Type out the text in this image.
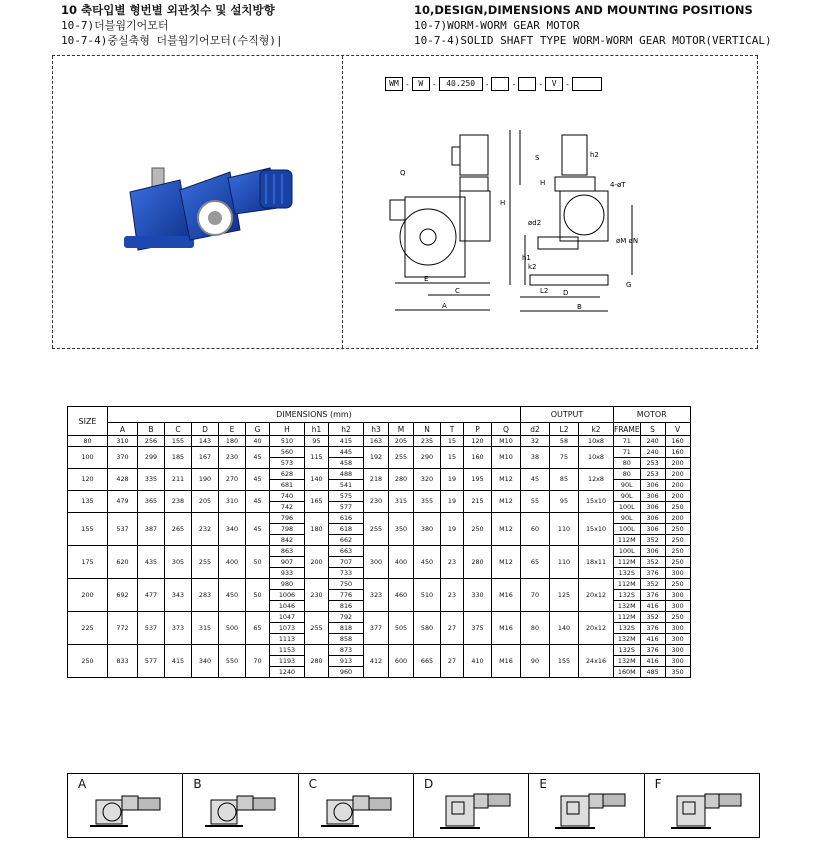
10 축타입별 형번별 외관칫수 및 설치방향
10-7)더블웜기어모터
10-7-4)중실축형 더블웜기어모터(수직형)|
10,DESIGN,DIMENSIONS AND MOUNTING POSITIONS
10-7)WORM-WORM GEAR MOTOR
10-7-4)SOLID SHAFT TYPE WORM-WORM GEAR MOTOR(VERTICAL)
WM -	W	-	40.250	-	-	-	V	-
Q
H
S	h2
H
h1
k2
L2
ød2
4-øT
øM øN
E
C
A
D
B
G
SIZE	DIMENSIONS (mm)															OUTPUT			MOTOR		
	A	B	C	D	E	G	H	h1	h2	h3	M	N	T	P	Q	d2	L2	k2	FRAME	S	V
80	310	256	155	143	180	40	510	95	415	163	205	235	15	120	M10	32	58	10x8	71	240	160
100	370	299	185	167	230	45	560	115	445	192	255	290	15	160	M10	38	75	10x8	71	240	160
							573		458										80	253	200
120	428	335	211	190	270	45	628	140	488	218	280	320	19	195	M12	45	85	12x8	80	253	200
							681		541										90L	306	200
135	479	365	238	205	310	45	740	165	575	230	315	355	19	215	M12	55	95	15x10	90L	306	200
							742		577										100L	306	250
155	537	387	265	232	340	45	796	180	616	255	350	380	19	250	M12	60	110	15x10	90L	306	200
							798		618										100L	306	250
							842		662										112M	352	250
175	620	435	305	255	400	50	863	200	663	300	400	450	23	280	M12	65	110	18x11	100L	306	250
							907		707										112M	352	250
							933		733										132S	376	300
200	692	477	343	283	450	50	980	230	750	323	460	510	23	330	M16	70	125	20x12	112M	352	250
							1006		776										132S	376	300
							1046		816										132M	416	300
225	772	537	373	315	500	65	1047	255	792	377	505	580	27	375	M16	80	140	20x12	112M	352	250
							1073		818										132S	376	300
							1113		858										132M	416	300
250	833	577	415	340	550	70	1153	280	873	412	600	665	27	410	M16	90	155	24x16	132S	376	300
							1193		913										132M	416	300
							1240		960										160M	485	350
A	B	C	D	E	F
